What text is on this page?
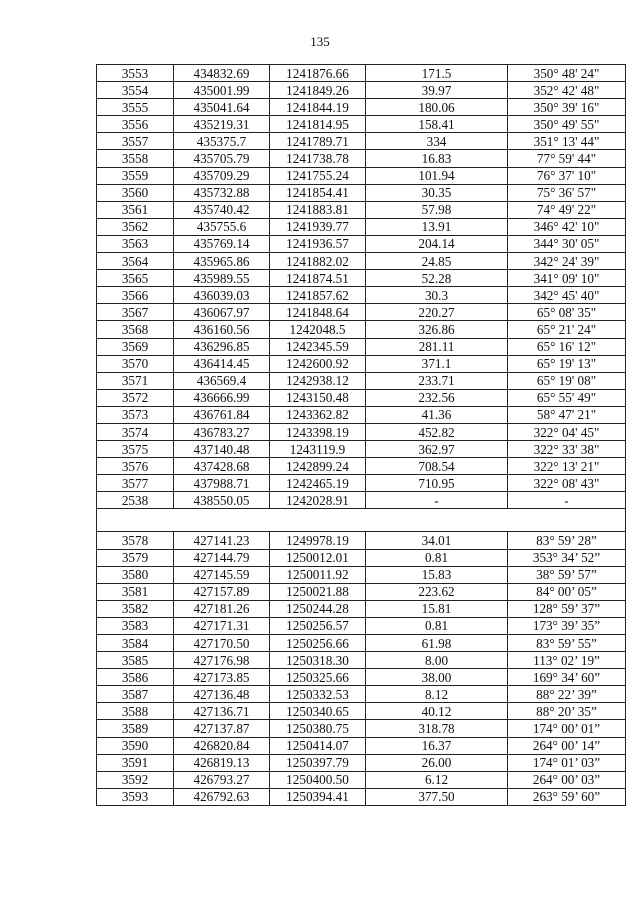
135
3553	434832.69	1241876.66	171.5	350° 48' 24"
3554	435001.99	1241849.26	39.97	352° 42' 48"
3555	435041.64	1241844.19	180.06	350° 39' 16"
3556	435219.31	1241814.95	158.41	350° 49' 55"
3557	435375.7	1241789.71	334	351° 13' 44"
3558	435705.79	1241738.78	16.83	77° 59' 44"
3559	435709.29	1241755.24	101.94	76° 37' 10"
3560	435732.88	1241854.41	30.35	75° 36' 57"
3561	435740.42	1241883.81	57.98	74° 49' 22"
3562	435755.6	1241939.77	13.91	346° 42' 10"
3563	435769.14	1241936.57	204.14	344° 30' 05"
3564	435965.86	1241882.02	24.85	342° 24' 39"
3565	435989.55	1241874.51	52.28	341° 09' 10"
3566	436039.03	1241857.62	30.3	342° 45' 40"
3567	436067.97	1241848.64	220.27	65° 08' 35"
3568	436160.56	1242048.5	326.86	65° 21' 24"
3569	436296.85	1242345.59	281.11	65° 16' 12"
3570	436414.45	1242600.92	371.1	65° 19' 13"
3571	436569.4	1242938.12	233.71	65° 19' 08"
3572	436666.99	1243150.48	232.56	65° 55' 49"
3573	436761.84	1243362.82	41.36	58° 47' 21"
3574	436783.27	1243398.19	452.82	322° 04' 45"
3575	437140.48	1243119.9	362.97	322° 33' 38"
3576	437428.68	1242899.24	708.54	322° 13' 21"
3577	437988.71	1242465.19	710.95	322° 08' 43"
2538	438550.05	1242028.91	-	-

3578	427141.23	1249978.19	34.01	83° 59’ 28”
3579	427144.79	1250012.01	0.81	353° 34’ 52”
3580	427145.59	1250011.92	15.83	38° 59’ 57”
3581	427157.89	1250021.88	223.62	84° 00’ 05”
3582	427181.26	1250244.28	15.81	128° 59’ 37”
3583	427171.31	1250256.57	0.81	173° 39’ 35”
3584	427170.50	1250256.66	61.98	83° 59’ 55”
3585	427176.98	1250318.30	8.00	113° 02’ 19”
3586	427173.85	1250325.66	38.00	169° 34’ 60”
3587	427136.48	1250332.53	8.12	88° 22’ 39”
3588	427136.71	1250340.65	40.12	88° 20’ 35”
3589	427137.87	1250380.75	318.78	174° 00’ 01”
3590	426820.84	1250414.07	16.37	264° 00’ 14”
3591	426819.13	1250397.79	26.00	174° 01’ 03”
3592	426793.27	1250400.50	6.12	264° 00’ 03”
3593	426792.63	1250394.41	377.50	263° 59’ 60”
